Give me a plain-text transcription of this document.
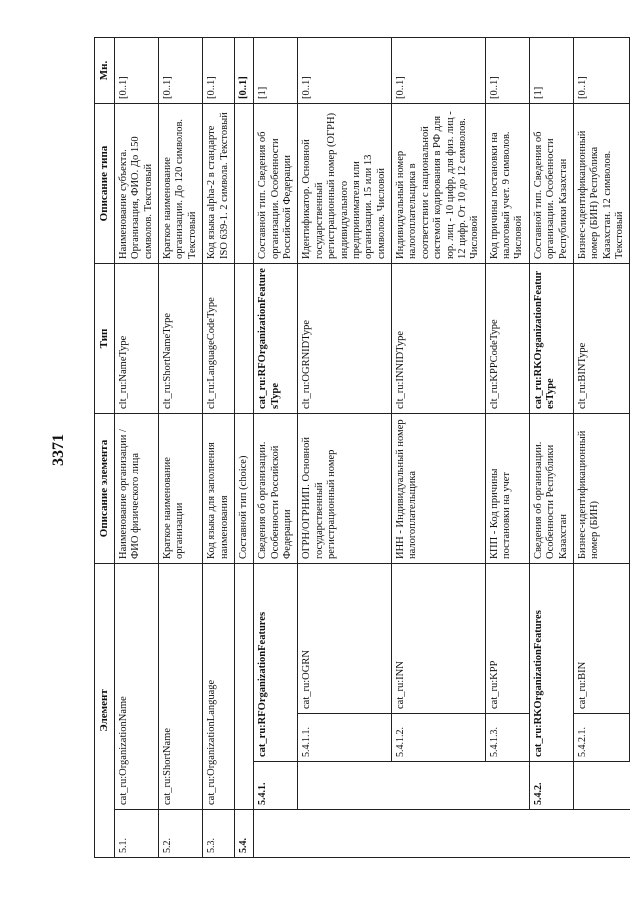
3371
Элемент				Описание элемента	Тип	Описание типа	Мн.
5.1.	cat_ru:OrganizationName			Наименование организации / ФИО физического лица	clt_ru:NameType	Наименование субъекта. Организация, ФИО. До 150 символов. Текстовый	[0..1]
5.2.	cat_ru:ShortName			Краткое наименование организации	clt_ru:ShortNameType	Краткое наименование организации. До 120 символов. Текстовый	[0..1]
5.3.	cat_ru:OrganizationLanguage			Код языка для заполнения наименования	clt_ru:LanguageCodeType	Код языка alpha-2 в стандарте ISO 639-1. 2 символа. Текстовый	[0..1]
5.4.				Составной тип (choice)			[0..1]
	5.4.1.	cat_ru:RFOrganizationFeatures		Сведения об организации. Особенности Российской Федерации	cat_ru:RFOrganizationFeaturesType	Составной тип. Сведения об организации. Особенности Российской Федерации	[1]
		5.4.1.1.	cat_ru:OGRN	ОГРН/ОГРНИП. Основной государственный регистрационный номер	clt_ru:OGRNIDType	Идентификатор. Основной государственный регистрационный номер (ОГРН) индивидуального предпринимателя или организации. 15 или 13 символов. Числовой	[0..1]
		5.4.1.2.	cat_ru:INN	ИНН - Индивидуальный номер налогоплательщика	clt_ru:INNIDType	Индивидуальный номер налогоплательщика в соответствии с национальной системой кодирования в РФ для юр. лиц - 10 цифр, для физ. лиц - 12 цифр. От 10 до 12 символов. Числовой	[0..1]
		5.4.1.3.	cat_ru:KPP	КПП - Код причины постановки на учет	clt_ru:KPPCodeType	Код причины постановки на налоговый учет. 9 символов. Числовой	[0..1]
	5.4.2.	cat_ru:RKOrganizationFeatures		Сведения об организации. Особенности Республики Казахстан	cat_ru:RKOrganizationFeaturesType	Составной тип. Сведения об организации. Особенности Республики Казахстан	[1]
		5.4.2.1.	cat_ru:BIN	Бизнес-идентификационный номер (БИН)	clt_ru:BINType	Бизнес-идентификационный номер (БИН) Республика Казахстан. 12 символов. Текстовый	[0..1]
